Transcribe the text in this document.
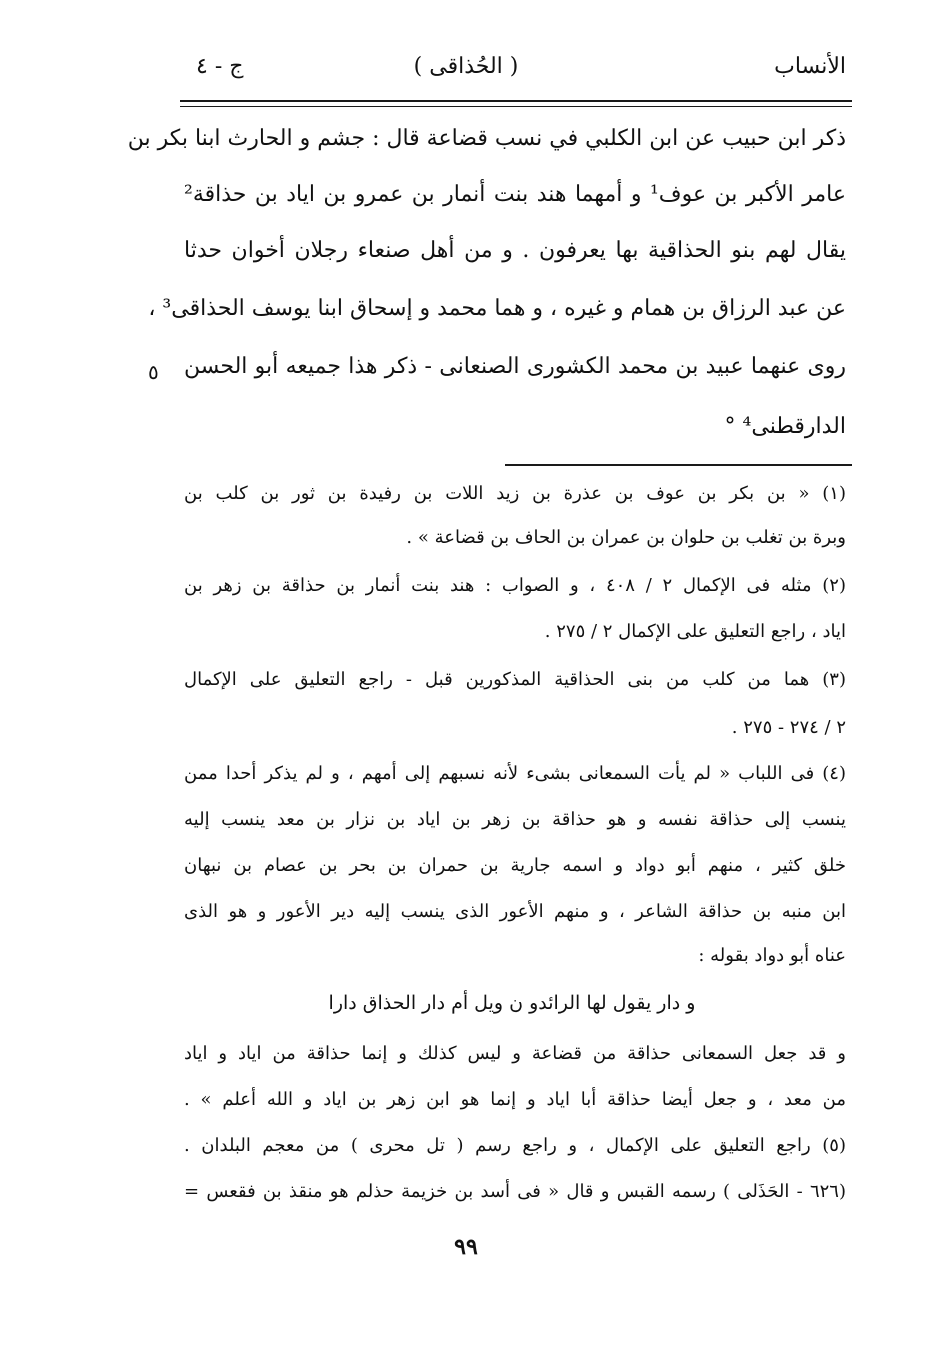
الأنساب
( الحُذاقى )
ج - ٤
ذكر ابن حبيب عن ابن الكلبي في نسب قضاعة قال : جشم و الحارث ابنا بكر بن
عامر الأكبر بن عوف¹ و أمهما هند بنت أنمار بن عمرو بن اياد بن حذاقة²
يقال لهم بنو الحذاقية بها يعرفون . و من أهل صنعاء رجلان أخوان حدثا
عن عبد الرزاق بن همام و غيره ، و هما محمد و إسحاق ابنا يوسف الحذاقى³ ،
روى عنهما عبيد بن محمد الكشورى الصنعانى - ذكر هذا جميعه أبو الحسن
الدارقطنى⁴ °
٥
(١) « بن بكر بن عوف بن عذرة بن زيد اللات بن رفيدة بن ثور بن كلب بن
وبرة بن تغلب بن حلوان بن عمران بن الحاف بن قضاعة » .
(٢) مثله فى الإكمال ٢ / ٤٠٨ ، و الصواب : هند بنت أنمار بن حذاقة بن زهر بن
اياد ، راجع التعليق على الإكمال ٢ / ٢٧٥ .
(٣) هما من كلب من بنى الحذاقية المذكورين قبل - راجع التعليق على الإكمال
٢ / ٢٧٤ - ٢٧٥ .
(٤) فى اللباب « لم يأت السمعانى بشىء لأنه نسبهم إلى أمهم ، و لم يذكر أحدا ممن
ينسب إلى حذاقة نفسه و هو حذاقة بن زهر بن اياد بن نزار بن معد ينسب إليه
خلق كثير ، منهم أبو دواد و اسمه جارية بن حمران بن بحر بن عصام بن نبهان
ابن منبه بن حذاقة الشاعر ، و منهم الأعور الذى ينسب إليه دير الأعور و هو الذى
عناه أبو دواد بقوله :
و دار يقول لها الرائدو ن ويل أم دار الحذاق دارا
و قد جعل السمعانى حذاقة من قضاعة و ليس كذلك و إنما حذاقة من اياد و اياد
من معد ، و جعل أيضا حذاقة أبا اياد و إنما هو ابن زهر بن اياد و الله أعلم » .
(٥) راجع التعليق على الإكمال ، و راجع رسم ( تل محرى ) من معجم البلدان .
(٦٢٦ - الحَذَلى ) رسمه القبس و قال « فى أسد بن خزيمة حذلم هو منقذ بن فقعس =
٩٩
